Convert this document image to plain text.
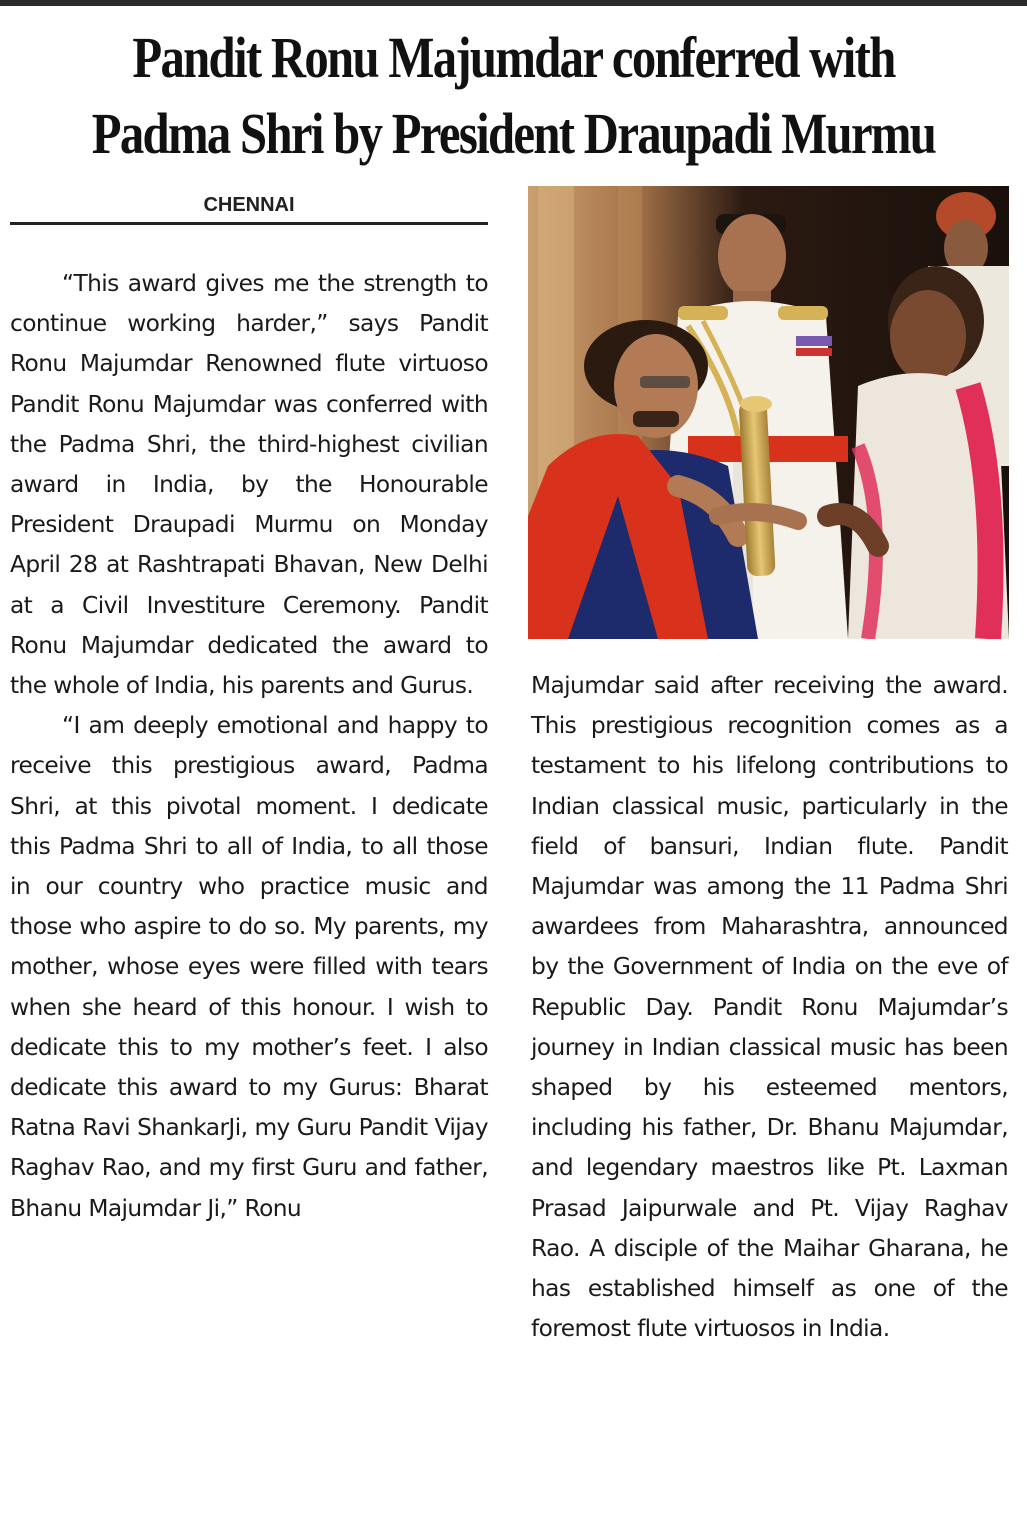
Pandit Ronu Majumdar conferred with
Padma Shri by President Draupadi Murmu
CHENNAI

“This award gives me the strength to continue working harder,” says Pandit Ronu Majumdar Renowned flute virtuoso Pandit Ronu Majumdar was conferred with the Padma Shri, the third-highest civilian award in India, by the Honourable President Draupadi Murmu on Monday April 28 at Rashtrapati Bhavan, New Delhi at a Civil Investiture Ceremony. Pandit Ronu Majumdar dedicated the award to the whole of India, his parents and Gurus.

“I am deeply emotional and happy to receive this prestigious award, Padma Shri, at this pivotal moment. I dedicate this Padma Shri to all of India, to all those in our country who practice music and those who aspire to do so. My parents, my mother, whose eyes were filled with tears when she heard of this honour. I wish to dedicate this to my mother’s feet. I also dedicate this award to my Gurus: Bharat Ratna Ravi ShankarJi, my Guru Pandit Vijay Raghav Rao, and my first Guru and father, Bhanu Majumdar Ji,” Ronu

Majumdar said after receiving the award. This prestigious recognition comes as a testament to his lifelong contributions to Indian classical music, particularly in the field of bansuri, Indian flute. Pandit Majumdar was among the 11 Padma Shri awardees from Maharashtra, announced by the Government of India on the eve of Republic Day. Pandit Ronu Majumdar’s journey in Indian classical music has been shaped by his esteemed mentors, including his father, Dr. Bhanu Majumdar, and legendary maestros like Pt. Laxman Prasad Jaipurwale and Pt. Vijay Raghav Rao. A disciple of the Maihar Gharana, he has established himself as one of the foremost flute virtuosos in India.
